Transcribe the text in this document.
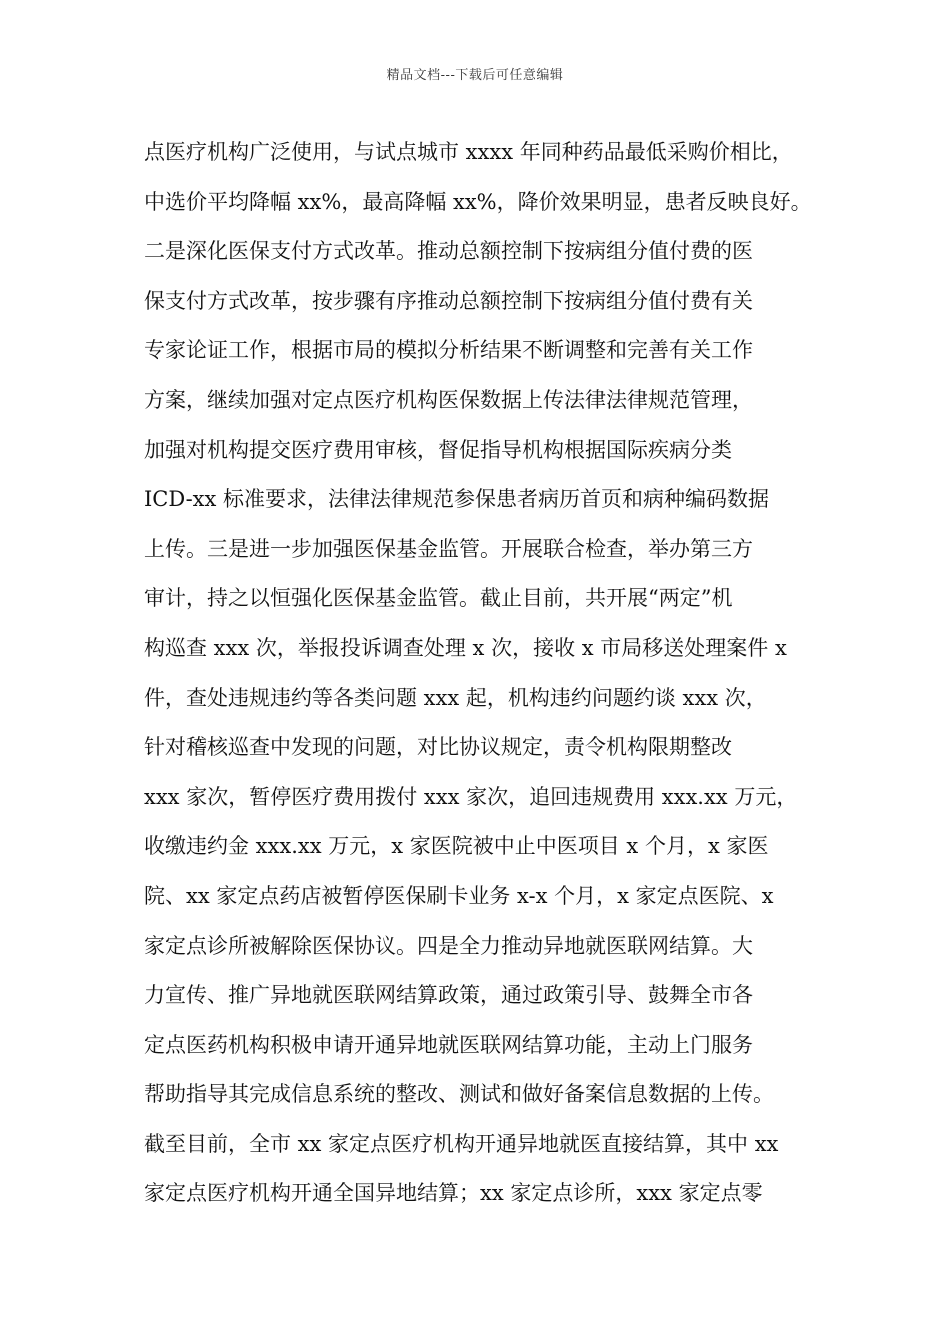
精品文档---下载后可任意编辑
点医疗机构广泛使用，与试点城市 xxxx 年同种药品最低采购价相比，
中选价平均降幅 xx%，最高降幅 xx%，降价效果明显，患者反映良好。
二是深化医保支付方式改革。推动总额控制下按病组分值付费的医
保支付方式改革，按步骤有序推动总额控制下按病组分值付费有关
专家论证工作，根据市局的模拟分析结果不断调整和完善有关工作
方案，继续加强对定点医疗机构医保数据上传法律法律规范管理，
加强对机构提交医疗费用审核，督促指导机构根据国际疾病分类
ICD-xx 标准要求，法律法律规范参保患者病历首页和病种编码数据
上传。三是进一步加强医保基金监管。开展联合检查，举办第三方
审计，持之以恒强化医保基金监管。截止目前，共开展“两定”机
构巡查 xxx 次，举报投诉调查处理 x 次，接收 x 市局移送处理案件 x
件，查处违规违约等各类问题 xxx 起，机构违约问题约谈 xxx 次，
针对稽核巡查中发现的问题，对比协议规定，责令机构限期整改
xxx 家次，暂停医疗费用拨付 xxx 家次，追回违规费用 xxx.xx 万元，
收缴违约金 xxx.xx 万元，x 家医院被中止中医项目 x 个月，x 家医
院、xx 家定点药店被暂停医保刷卡业务 x-x 个月，x 家定点医院、x
家定点诊所被解除医保协议。四是全力推动异地就医联网结算。大
力宣传、推广异地就医联网结算政策，通过政策引导、鼓舞全市各
定点医药机构积极申请开通异地就医联网结算功能，主动上门服务
帮助指导其完成信息系统的整改、测试和做好备案信息数据的上传。
截至目前，全市 xx 家定点医疗机构开通异地就医直接结算，其中 xx
家定点医疗机构开通全国异地结算；xx 家定点诊所，xxx 家定点零
